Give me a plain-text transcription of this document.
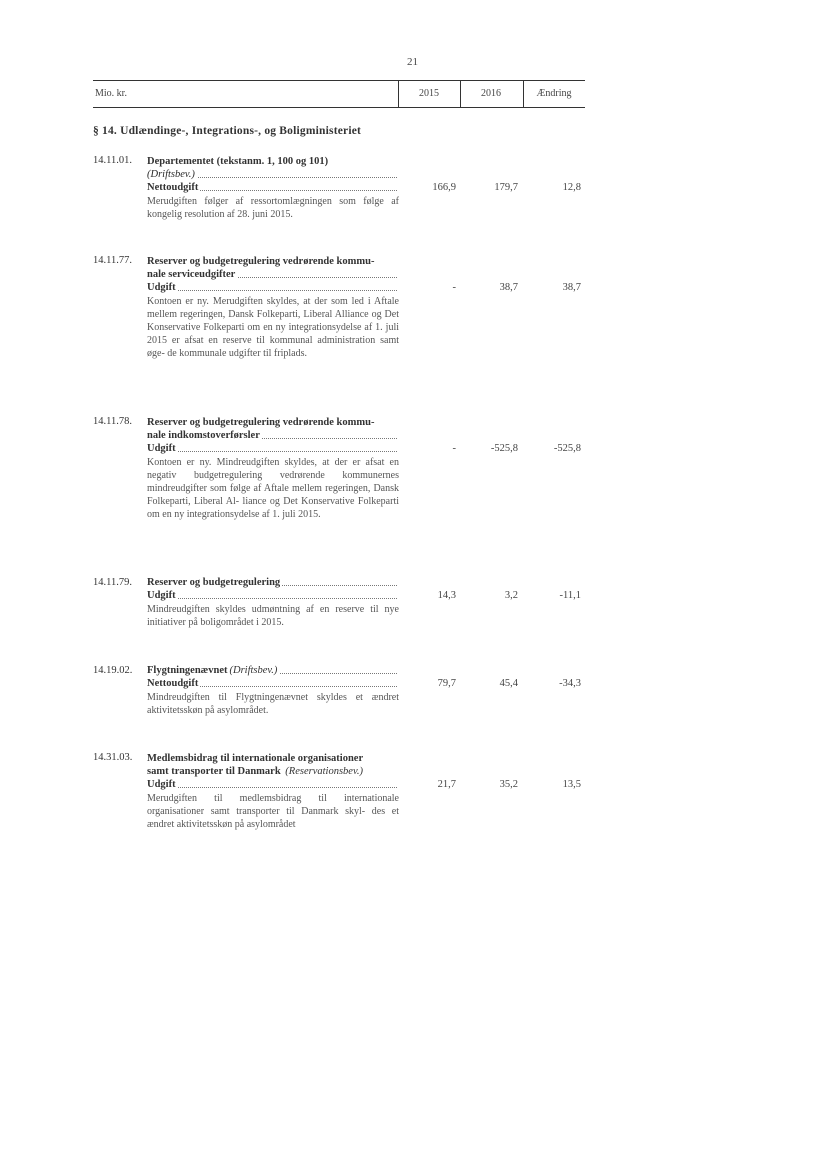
21
Mio. kr.	2015	2016	Ændring
§ 14. Udlændinge-, Integrations-, og Boligministeriet
14.11.01.	Departementet (tekstanm. 1, 100 og 101)
(Driftsbev.)
Nettoudgift	166,9	179,7	12,8
Merudgiften følger af ressortomlægningen som følge af kongelig resolution af 28. juni 2015.
14.11.77.	Reserver og budgetregulering vedrørende kommu-
nale serviceudgifter
Udgift	-	38,7	38,7
Kontoen er ny. Merudgiften skyldes, at der som led i Aftale mellem regeringen, Dansk Folkeparti, Liberal Alliance og Det Konservative Folkeparti om en ny integrationsydelse af 1. juli 2015 er afsat en reserve til kommunal administration samt øge- de kommunale udgifter til friplads.
14.11.78.	Reserver og budgetregulering vedrørende kommu-
nale indkomstoverførsler
Udgift	-	-525,8	-525,8
Kontoen er ny. Mindreudgiften skyldes, at der er afsat en negativ budgetregulering vedrørende kommunernes mindreudgifter som følge af Aftale mellem regeringen, Dansk Folkeparti, Liberal Al- liance og Det Konservative Folkeparti om en ny integrationsydelse af 1. juli 2015.
14.11.79. Reserver og budgetregulering
Udgift	14,3	3,2	-11,1
Mindreudgiften skyldes udmøntning af en reserve til nye initiativer på boligområdet i 2015.
14.19.02. Flygtningenævnet (Driftsbev.)
Nettoudgift	79,7	45,4	-34,3
Mindreudgiften til Flygtningenævnet skyldes et ændret aktivitetsskøn på asylområdet.
14.31.03.	Medlemsbidrag til internationale organisationer
samt transporter til Danmark (Reservationsbev.)
Udgift	21,7	35,2	13,5
Merudgiften til medlemsbidrag til internationale organisationer samt transporter til Danmark skyl- des et ændret aktivitetsskøn på asylområdet
